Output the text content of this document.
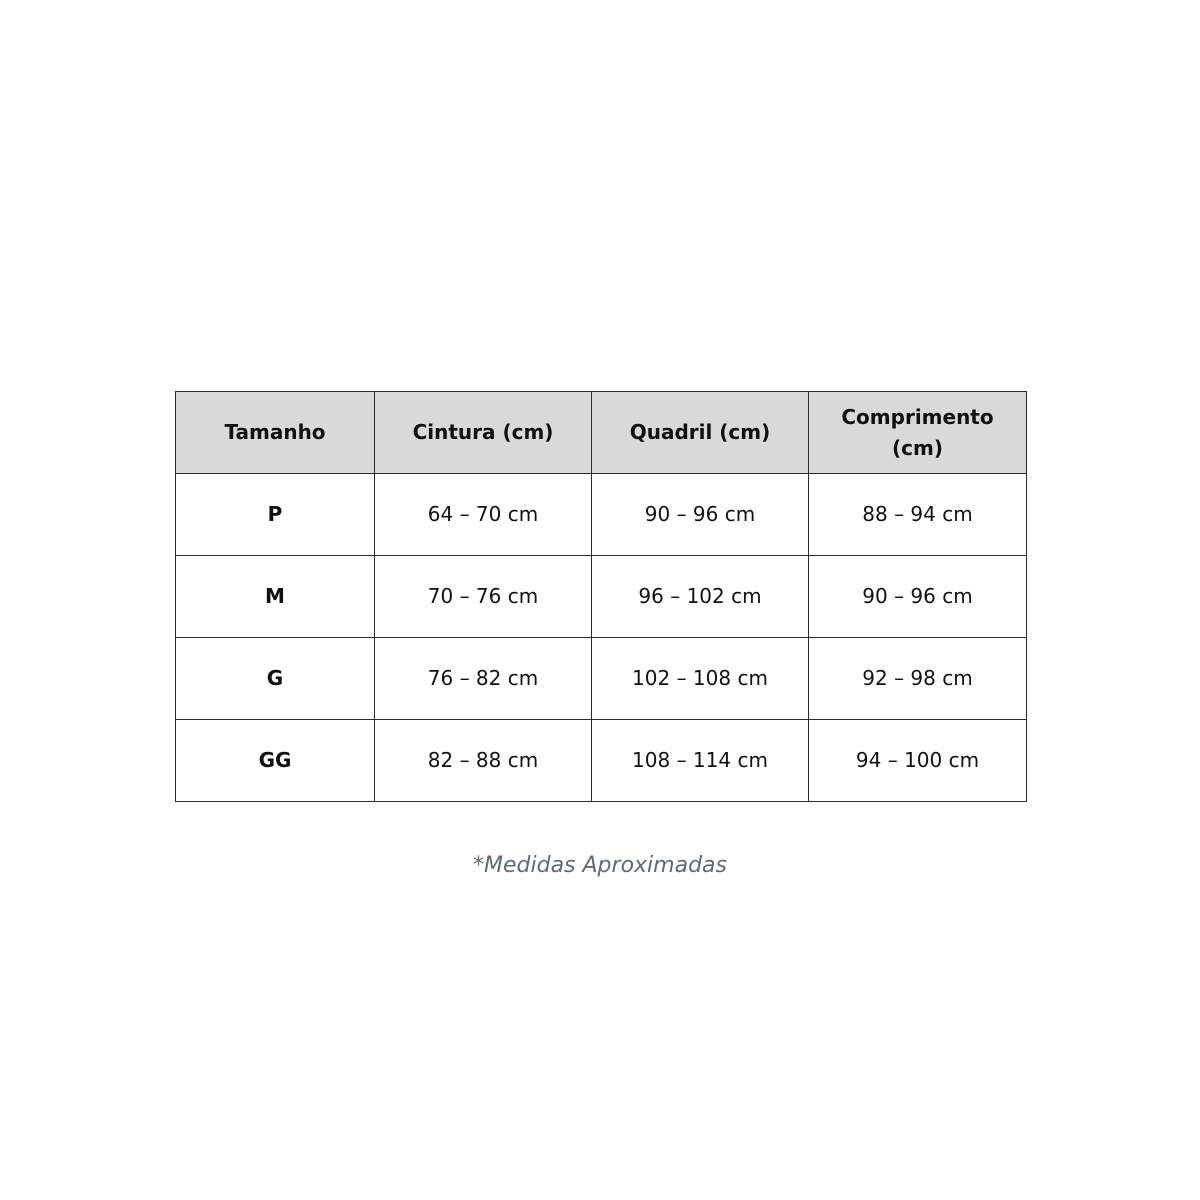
Tamanho	Cintura (cm)	Quadril (cm)	Comprimento (cm)
P	64 – 70 cm	90 – 96 cm	88 – 94 cm
M	70 – 76 cm	96 – 102 cm	90 – 96 cm
G	76 – 82 cm	102 – 108 cm	92 – 98 cm
GG	82 – 88 cm	108 – 114 cm	94 – 100 cm
*Medidas Aproximadas
